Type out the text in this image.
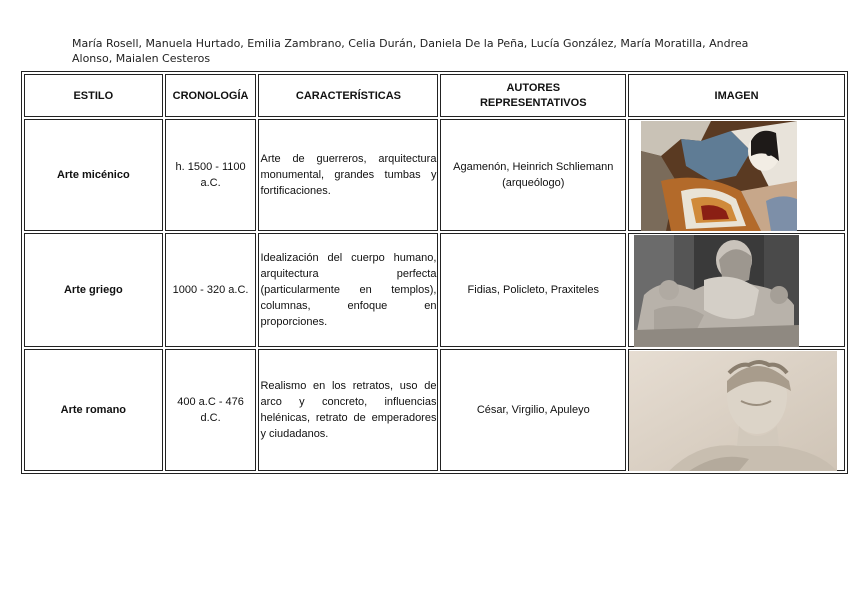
María Rosell, Manuela Hurtado, Emilia Zambrano, Celia Durán, Daniela De la Peña, Lucía González, María Moratilla, Andrea Alonso, Maialen Cesteros
ESTILO	CRONOLOGÍA	CARACTERÍSTICAS	AUTORES REPRESENTATIVOS	IMAGEN
Arte micénico	h. 1500 - 1100 a.C.	Arte de guerreros, arquitectura monumental, grandes tumbas y fortificaciones.	Agamenón, Heinrich Schliemann (arqueólogo)	

Arte griego	1000 - 320 a.C.	Idealización del cuerpo humano, arquitectura perfecta (particularmente en templos), columnas, enfoque en proporciones.	Fidias, Policleto, Praxiteles	

Arte romano	400 a.C - 476 d.C.	Realismo en los retratos, uso de arco y concreto, influencias helénicas, retrato de emperadores y ciudadanos.	César, Virgilio, Apuleyo	
